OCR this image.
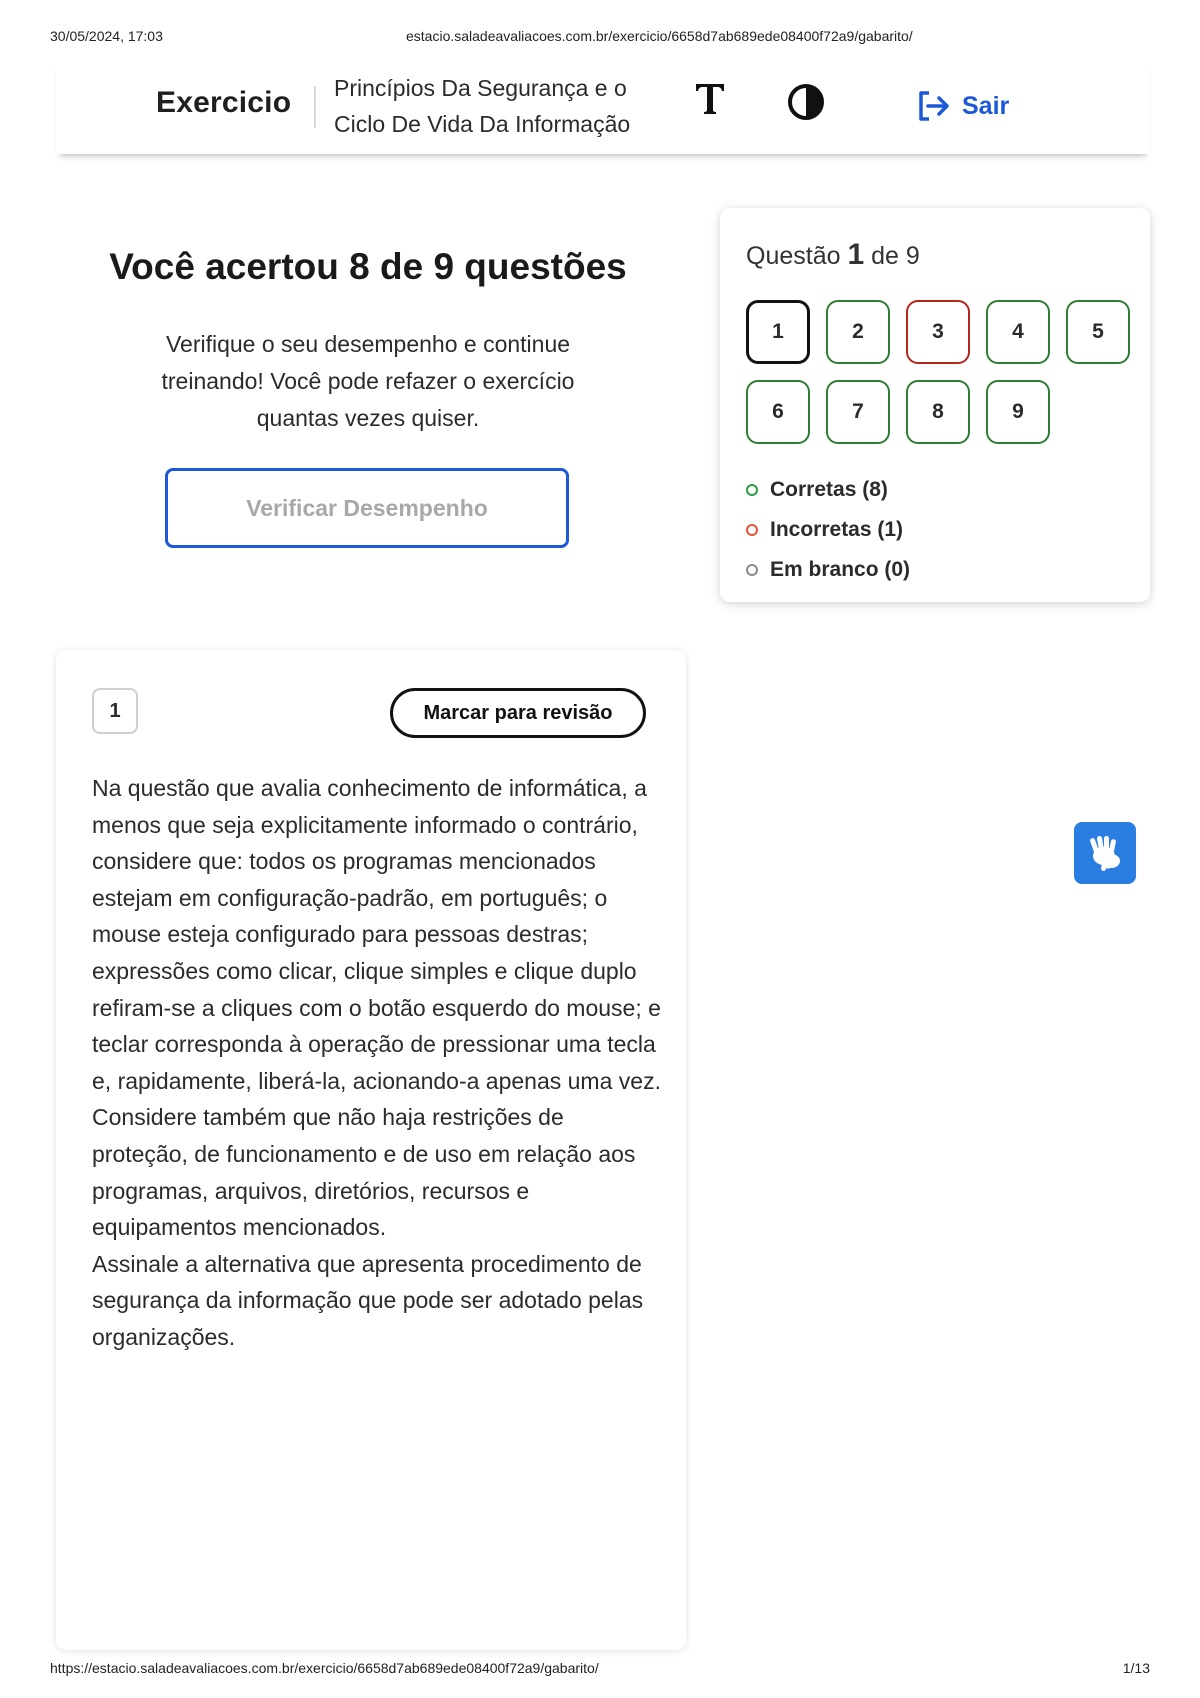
30/05/2024, 17:03	estacio.saladeavaliacoes.com.br/exercicio/6658d7ab689ede08400f72a9/gabarito/
Exercicio Princípios Da Segurança e o
Ciclo De Vida Da Informação
Sair
Você acertou 8 de 9 questões

Verifique o seu desempenho e continue treinando! Você pode refazer o exercício quantas vezes quiser.

Verificar Desempenho
Questão 1 de 9
1	2	3	4	5
6	7	8	9
Corretas (8)
Incorretas (1)
Em branco (0)
1	Marcar para revisão

Na questão que avalia conhecimento de informática, a menos que seja explicitamente informado o contrário, considere que: todos os programas mencionados estejam em configuração-padrão, em português; o mouse esteja configurado para pessoas destras; expressões como clicar, clique simples e clique duplo refiram-se a cliques com o botão esquerdo do mouse; e teclar corresponda à operação de pressionar uma tecla e, rapidamente, liberá-la, acionando-a apenas uma vez. Considere também que não haja restrições de proteção, de funcionamento e de uso em relação aos programas, arquivos, diretórios, recursos e equipamentos mencionados.

Assinale a alternativa que apresenta procedimento de segurança da informação que pode ser adotado pelas organizações.

https://estacio.saladeavaliacoes.com.br/exercicio/6658d7ab689ede08400f72a9/gabarito/	1/13
